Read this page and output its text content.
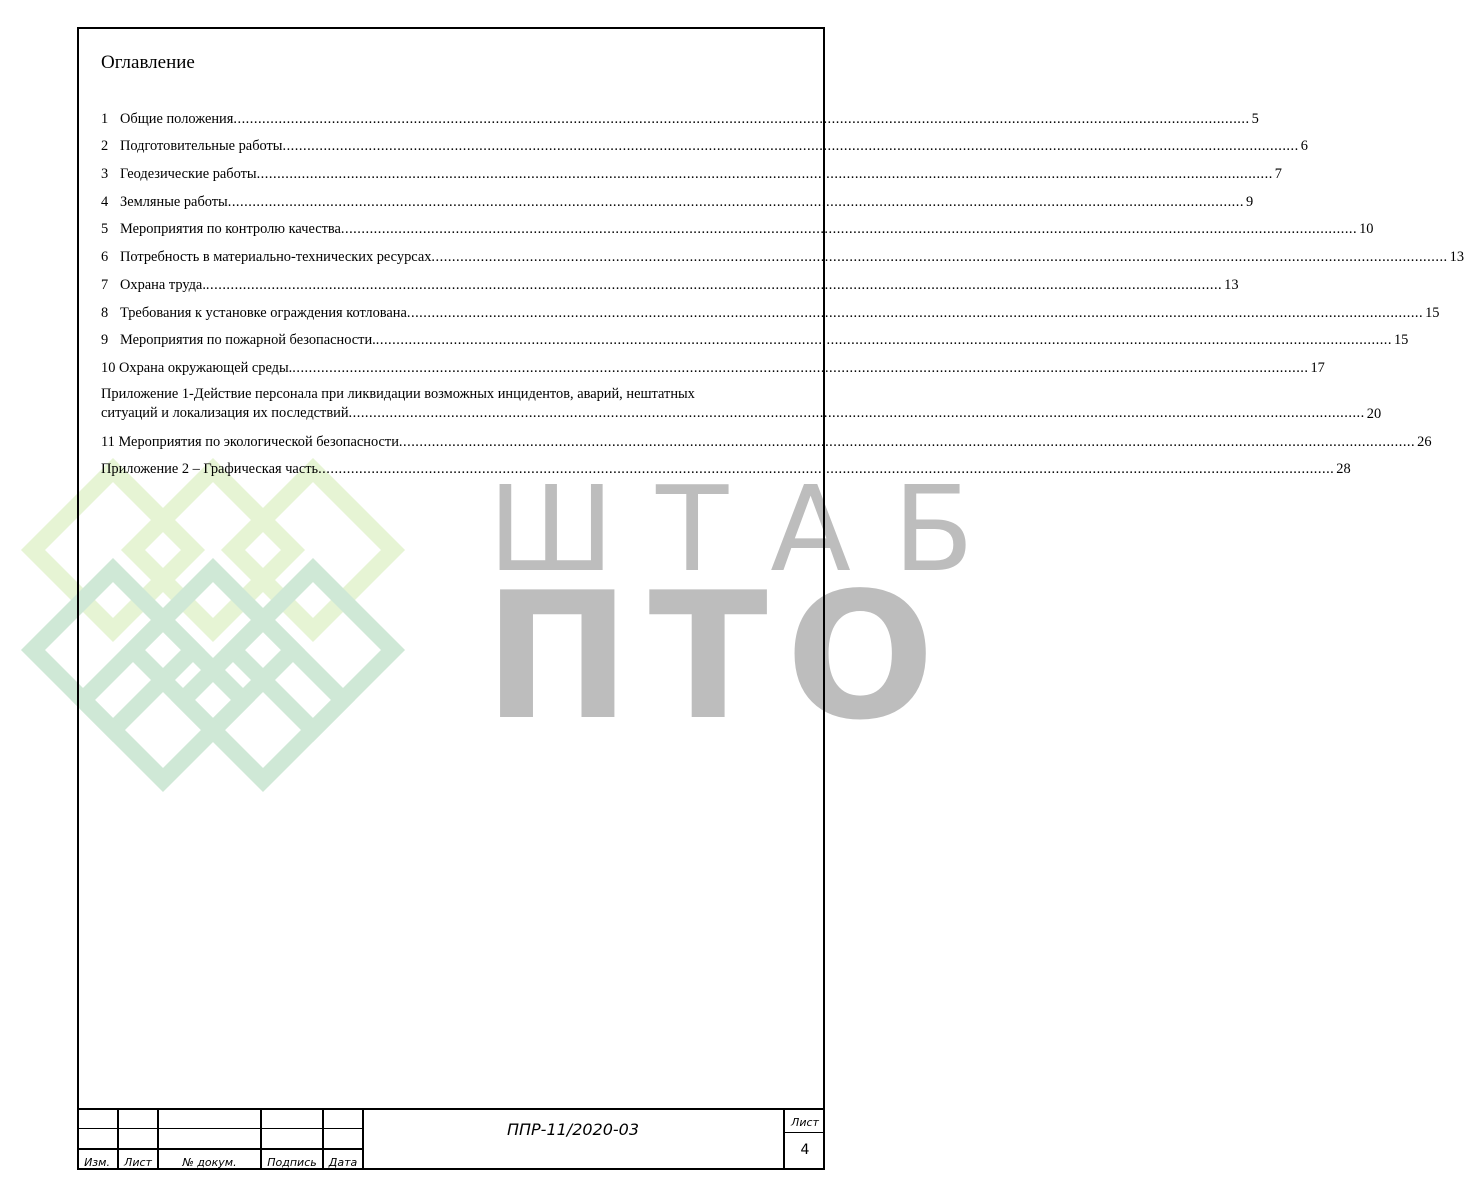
ШТАБ
ПТО
Оглавление
1 Общие положения .....	5
2 Подготовительные работы .....	6
3 Геодезические работы .....	7
4 Земляные работы .....	9
5 Мероприятия по контролю качества .....	10
6 Потребность в материально-технических ресурсах .....	13
7 Охрана труда. .....	13
8 Требования к установке ограждения котлована .....	15
9 Мероприятия по пожарной безопасности. .....	15
10 Охрана окружающей среды. .....	17
Приложение 1-Действие персонала при ликвидации возможных инцидентов, аварий, нештатных
ситуаций и локализация их последствий .....	20
11 Мероприятия по экологической безопасности .....	26
Приложение 2 – Графическая часть .....	28
Изм.	Лист	№ докум.	Подпись	Дата
ППР-11/2020-03	Лист
4
